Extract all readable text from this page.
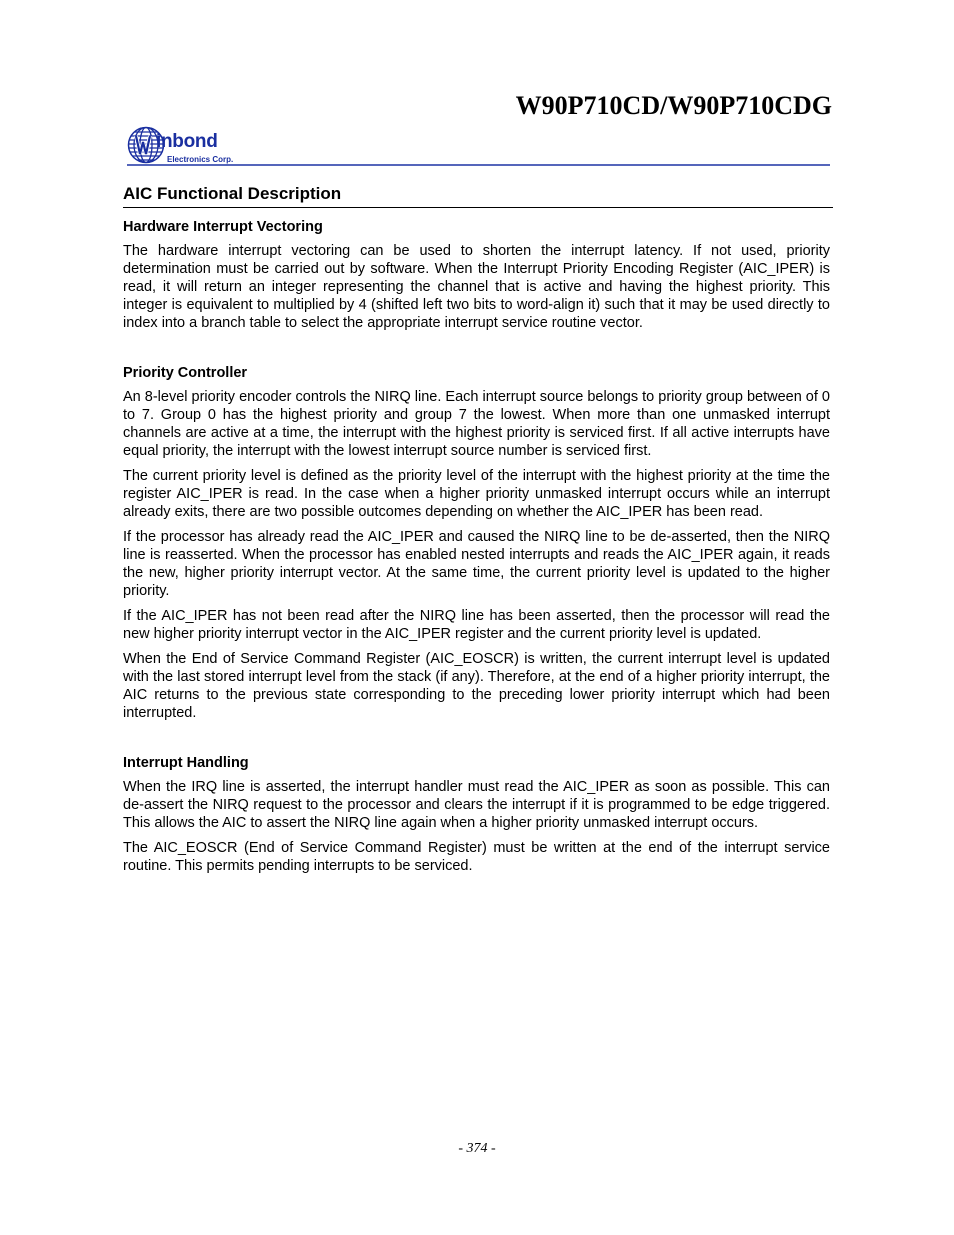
W90P710CD/W90P710CDG
inbond
Electronics Corp.
AIC Functional Description
Hardware Interrupt Vectoring

The hardware interrupt vectoring can be used to shorten the interrupt latency. If not used, priority determination must be carried out by software. When the Interrupt Priority Encoding Register (AIC_IPER) is read, it will return an integer representing the channel that is active and having the highest priority. This integer is equivalent to multiplied by 4 (shifted left two bits to word-align it) such that it may be used directly to index into a branch table to select the appropriate interrupt service routine vector.

Priority Controller

An 8-level priority encoder controls the NIRQ line. Each interrupt source belongs to priority group between of 0 to 7. Group 0 has the highest priority and group 7 the lowest. When more than one unmasked interrupt channels are active at a time, the interrupt with the highest priority is serviced first. If all active interrupts have equal priority, the interrupt with the lowest interrupt source number is serviced first.

The current priority level is defined as the priority level of the interrupt with the highest priority at the time the register AIC_IPER is read. In the case when a higher priority unmasked interrupt occurs while an interrupt already exits, there are two possible outcomes depending on whether the AIC_IPER has been read.

If the processor has already read the AIC_IPER and caused the NIRQ line to be de-asserted, then the NIRQ line is reasserted. When the processor has enabled nested interrupts and reads the AIC_IPER again, it reads the new, higher priority interrupt vector. At the same time, the current priority level is updated to the higher priority.

If the AIC_IPER has not been read after the NIRQ line has been asserted, then the processor will read the new higher priority interrupt vector in the AIC_IPER register and the current priority level is updated.

When the End of Service Command Register (AIC_EOSCR) is written, the current interrupt level is updated with the last stored interrupt level from the stack (if any). Therefore, at the end of a higher priority interrupt, the AIC returns to the previous state corresponding to the preceding lower priority interrupt which had been interrupted.

Interrupt Handling

When the IRQ line is asserted, the interrupt handler must read the AIC_IPER as soon as possible. This can de-assert the NIRQ request to the processor and clears the interrupt if it is programmed to be edge triggered. This allows the AIC to assert the NIRQ line again when a higher priority unmasked interrupt occurs.

The AIC_EOSCR (End of Service Command Register) must be written at the end of the interrupt service routine. This permits pending interrupts to be serviced.

- 374 -
